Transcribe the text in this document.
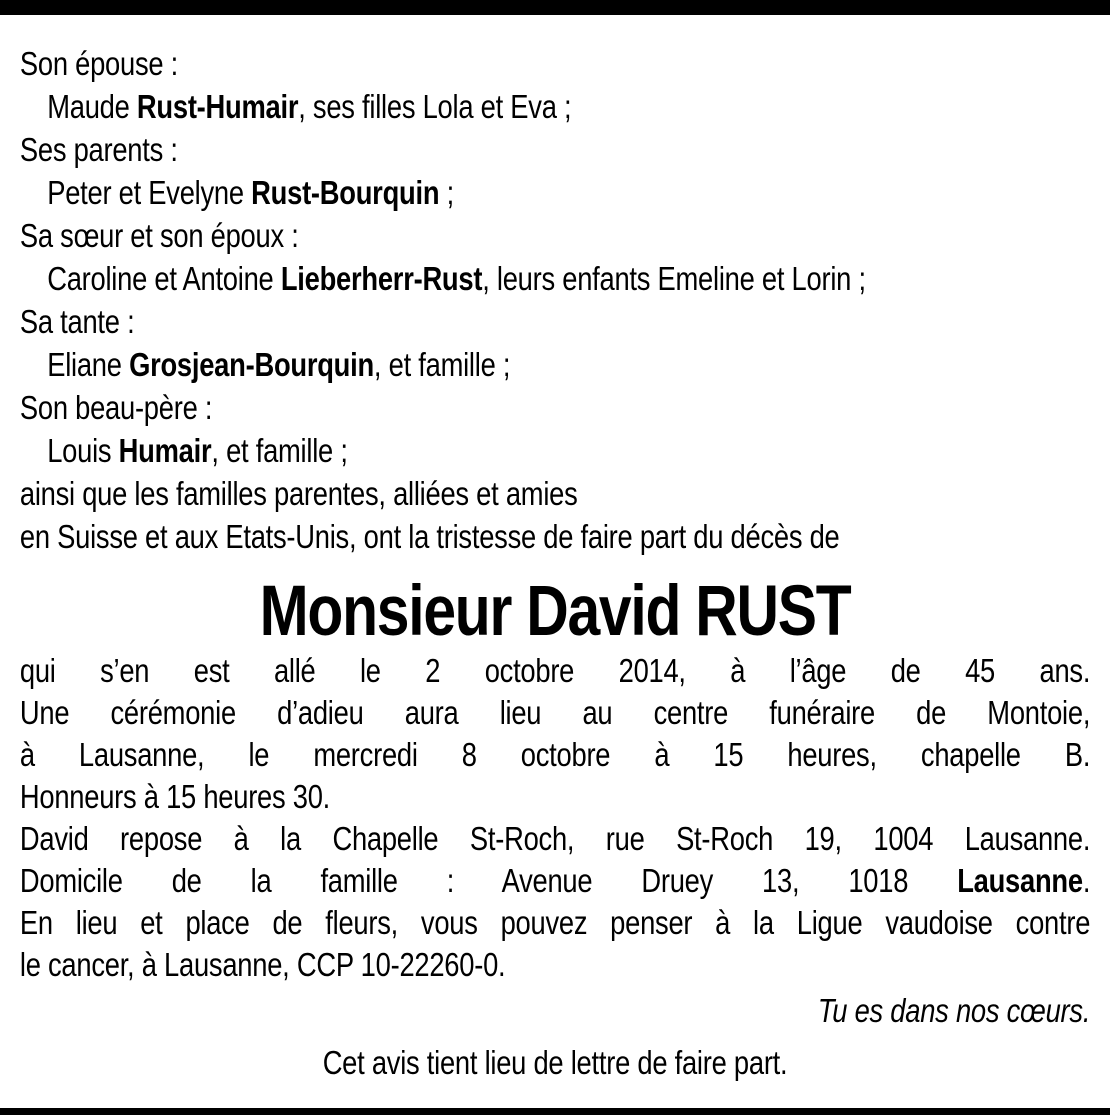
Son épouse :
Maude Rust-Humair, ses filles Lola et Eva ;
Ses parents :
Peter et Evelyne Rust-Bourquin ;
Sa sœur et son époux :
Caroline et Antoine Lieberherr-Rust, leurs enfants Emeline et Lorin ;
Sa tante :
Eliane Grosjean-Bourquin, et famille ;
Son beau-père :
Louis Humair, et famille ;
ainsi que les familles parentes, alliées et amies
en Suisse et aux Etats-Unis, ont la tristesse de faire part du décès de
Monsieur David RUST
qui s’en est allé le 2 octobre 2014, à l’âge de 45 ans.
Une cérémonie d’adieu aura lieu au centre funéraire de Montoie,
à Lausanne, le mercredi 8 octobre à 15 heures, chapelle B.
Honneurs à 15 heures 30.
David repose à la Chapelle St-Roch, rue St-Roch 19, 1004 Lausanne.
Domicile de la famille : Avenue Druey 13, 1018 Lausanne.
En lieu et place de fleurs, vous pouvez penser à la Ligue vaudoise contre
le cancer, à Lausanne, CCP 10-22260-0.
Tu es dans nos cœurs.
Cet avis tient lieu de lettre de faire part.
